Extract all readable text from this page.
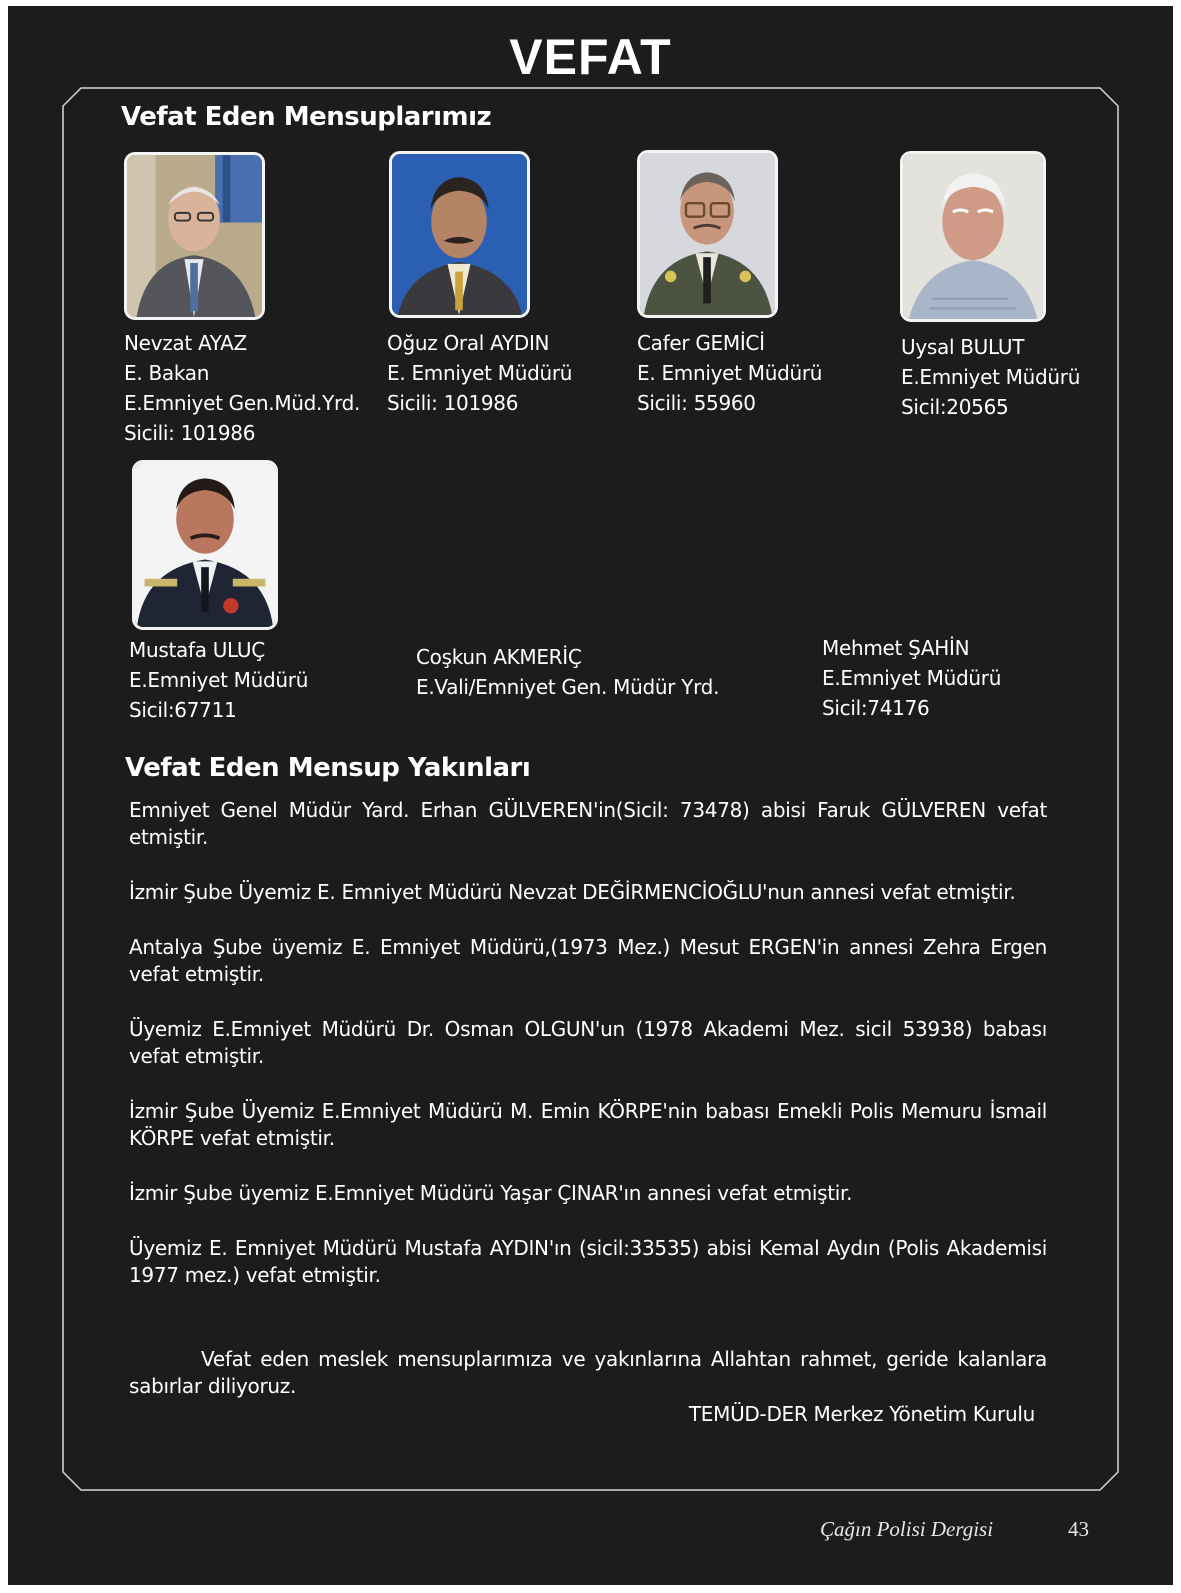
VEFAT
Vefat Eden Mensuplarımız
Nevzat AYAZ
E. Bakan
E.Emniyet Gen.Müd.Yrd.
Sicili: 101986
Oğuz Oral AYDIN
E. Emniyet Müdürü
Sicili: 101986
Cafer GEMİCİ
E. Emniyet Müdürü
Sicili: 55960
Uysal BULUT
E.Emniyet Müdürü
Sicil:20565
Mustafa ULUÇ
E.Emniyet Müdürü
Sicil:67711
Coşkun AKMERİÇ
E.Vali/Emniyet Gen. Müdür Yrd.
Mehmet ŞAHİN
E.Emniyet Müdürü
Sicil:74176
Vefat Eden Mensup Yakınları

Emniyet Genel Müdür Yard. Erhan GÜLVEREN'in(Sicil: 73478) abisi Faruk GÜLVEREN vefat etmiştir.

İzmir Şube Üyemiz E. Emniyet Müdürü Nevzat DEĞİRMENCİOĞLU'nun annesi vefat etmiştir.

Antalya Şube üyemiz E. Emniyet Müdürü,(1973 Mez.) Mesut ERGEN'in annesi Zehra Ergen vefat etmiştir.

Üyemiz E.Emniyet Müdürü Dr. Osman OLGUN'un (1978 Akademi Mez. sicil 53938) babası vefat etmiştir.

İzmir Şube Üyemiz E.Emniyet Müdürü M. Emin KÖRPE'nin babası Emekli Polis Memuru İsmail KÖRPE vefat etmiştir.

İzmir Şube üyemiz E.Emniyet Müdürü Yaşar ÇINAR'ın annesi vefat etmiştir.

Üyemiz E. Emniyet Müdürü Mustafa AYDIN'ın (sicil:33535) abisi Kemal Aydın (Polis Akademisi 1977 mez.) vefat etmiştir.

Vefat eden meslek mensuplarımıza ve yakınlarına Allahtan rahmet, geride kalanlara sabırlar diliyoruz.

TEMÜD-DER Merkez Yönetim Kurulu
Çağın Polisi Dergisi	43
